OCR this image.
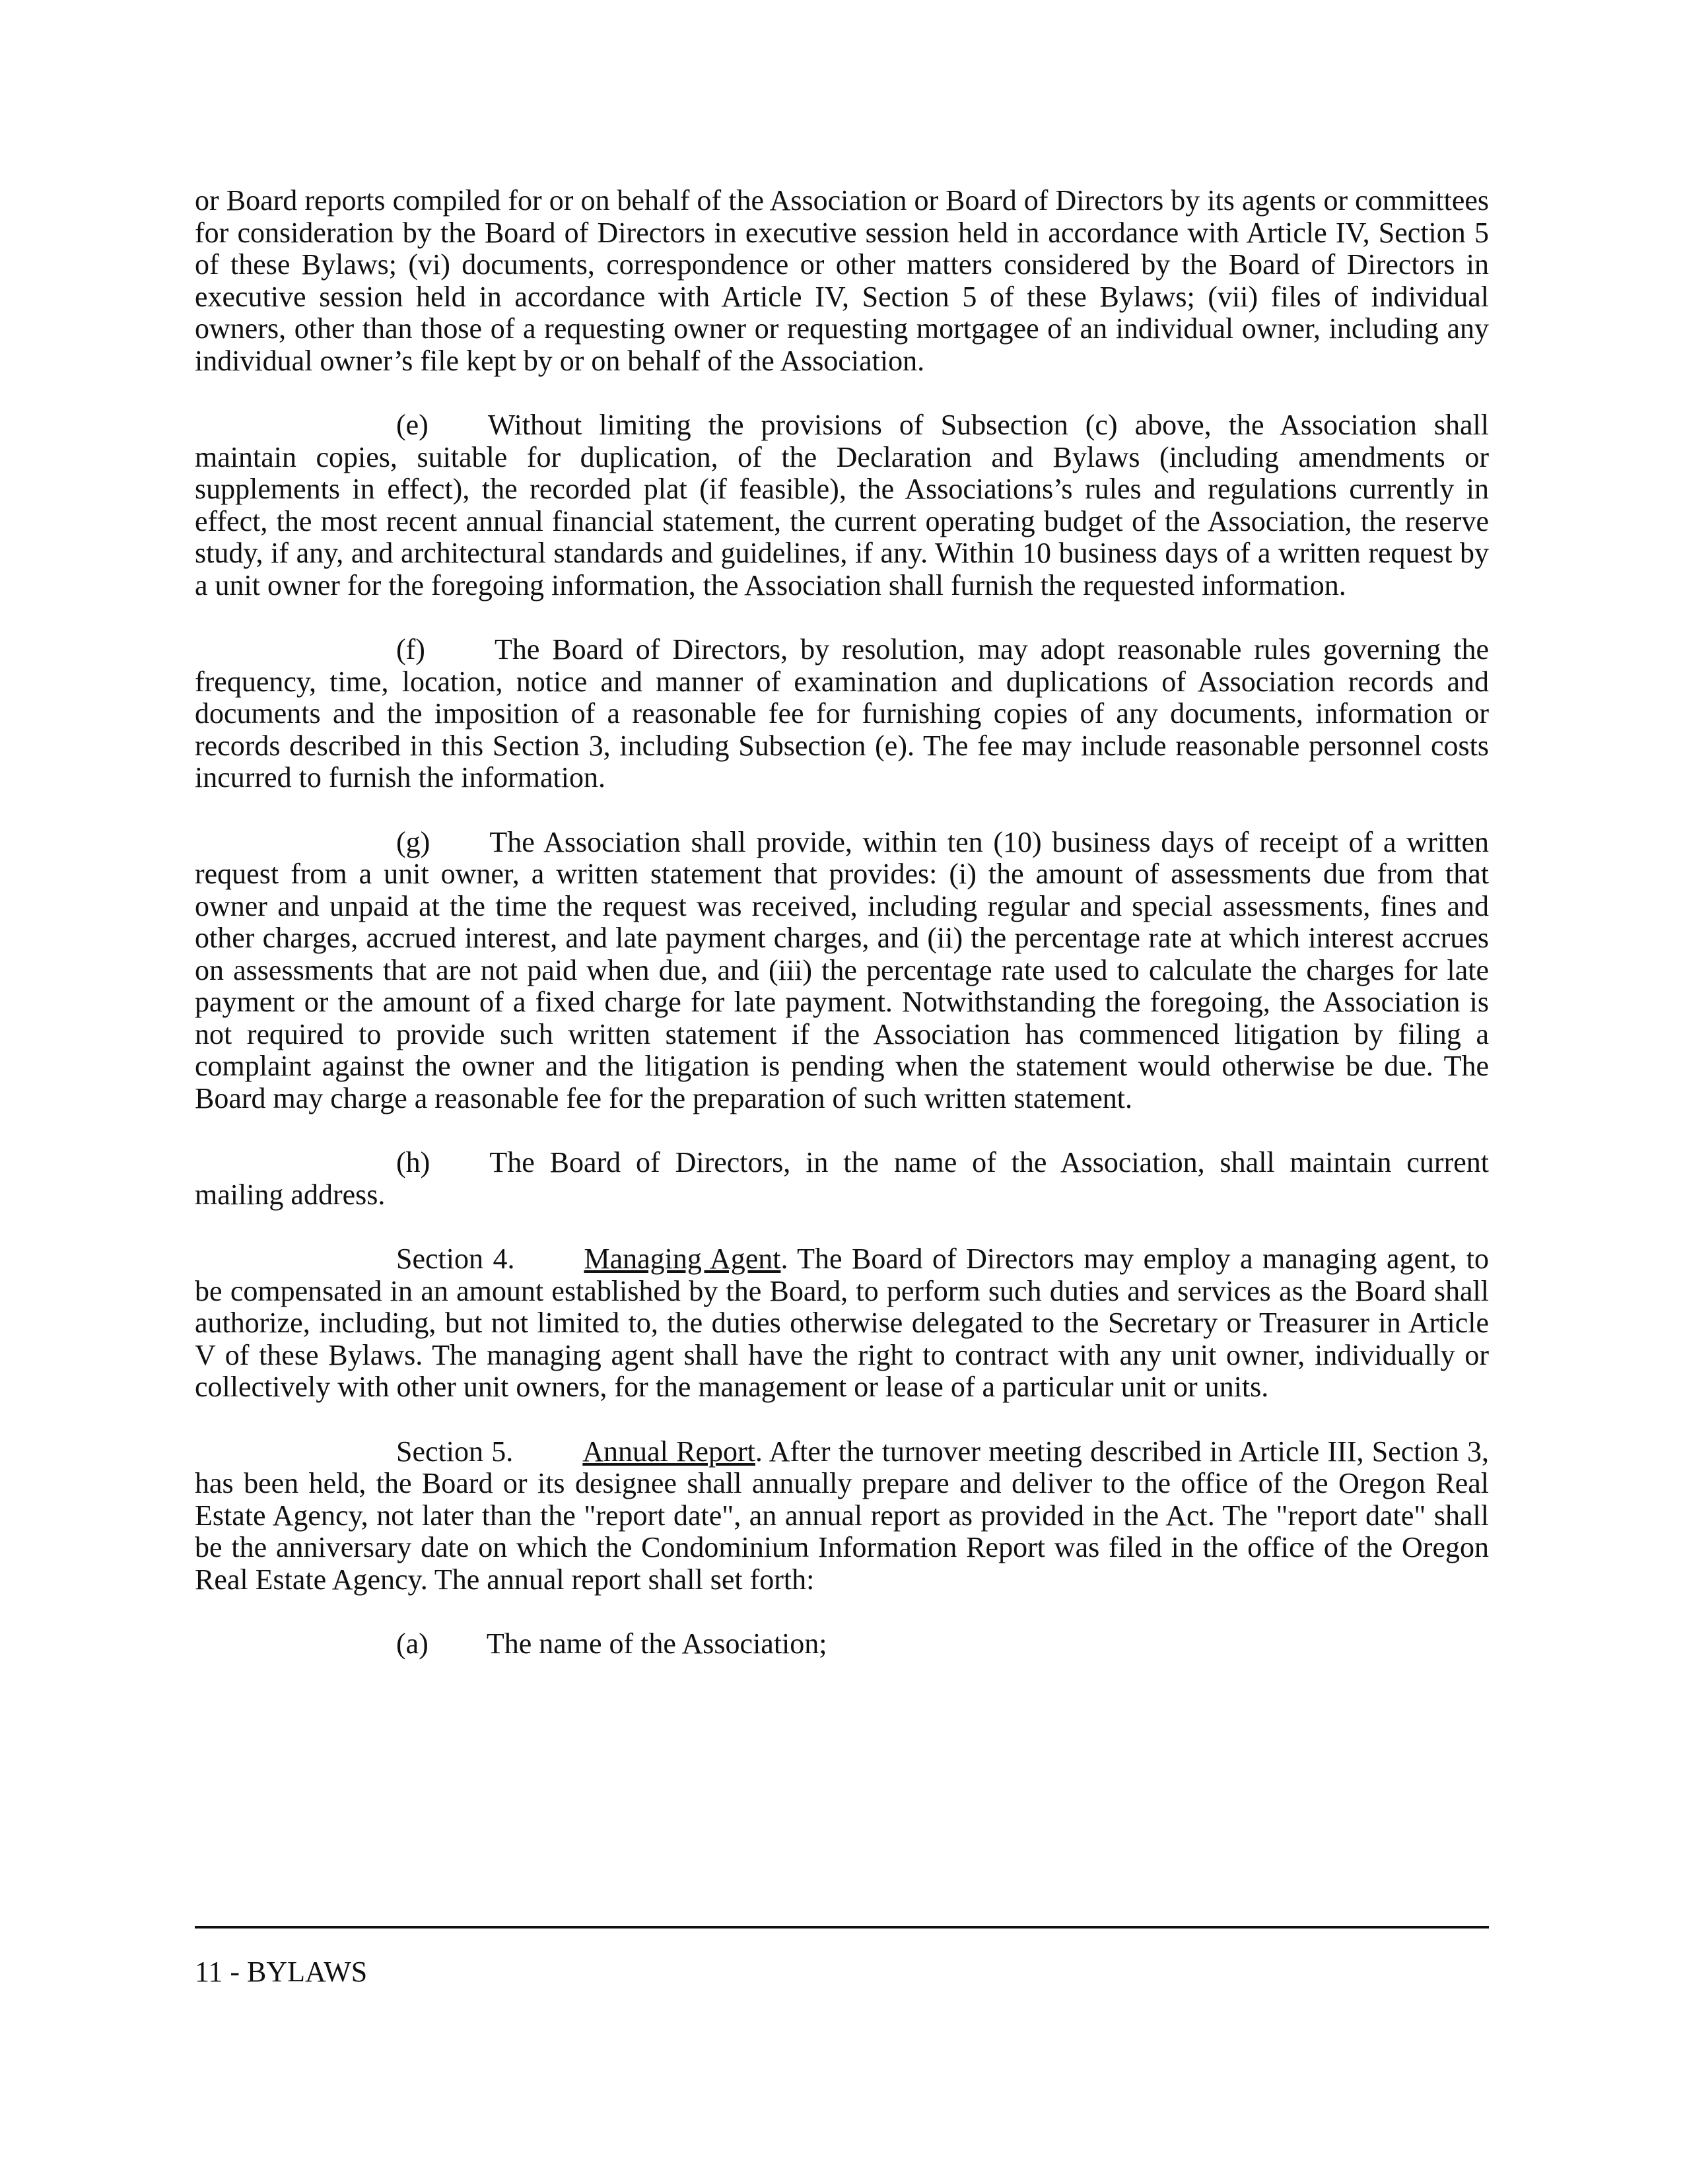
or Board reports compiled for or on behalf of the Association or Board of Directors by its agents or committees for consideration by the Board of Directors in executive session held in accordance with Article IV, Section 5 of these Bylaws; (vi) documents, correspondence or other matters considered by the Board of Directors in executive session held in accordance with Article IV, Section 5 of these Bylaws; (vii) files of individual owners, other than those of a requesting owner or requesting mortgagee of an individual owner, including any individual owner’s file kept by or on behalf of the Association.

(e) Without limiting the provisions of Subsection (c) above, the Association shall maintain copies, suitable for duplication, of the Declaration and Bylaws (including amendments or supplements in effect), the recorded plat (if feasible), the Associations’s rules and regulations currently in effect, the most recent annual financial statement, the current operating budget of the Association, the reserve study, if any, and architectural standards and guidelines, if any. Within 10 business days of a written request by a unit owner for the foregoing information, the Association shall furnish the requested information.

(f) The Board of Directors, by resolution, may adopt reasonable rules governing the frequency, time, location, notice and manner of examination and duplications of Association records and documents and the imposition of a reasonable fee for furnishing copies of any documents, information or records described in this Section 3, including Subsection (e). The fee may include reasonable personnel costs incurred to furnish the information.

(g) The Association shall provide, within ten (10) business days of receipt of a written request from a unit owner, a written statement that provides: (i) the amount of assessments due from that owner and unpaid at the time the request was received, including regular and special assessments, fines and other charges, accrued interest, and late payment charges, and (ii) the percentage rate at which interest accrues on assessments that are not paid when due, and (iii) the percentage rate used to calculate the charges for late payment or the amount of a fixed charge for late payment. Notwithstanding the foregoing, the Association is not required to provide such written statement if the Association has commenced litigation by filing a complaint against the owner and the litigation is pending when the statement would otherwise be due. The Board may charge a reasonable fee for the preparation of such written statement.

(h) The Board of Directors, in the name of the Association, shall maintain current mailing address.

Section 4. Managing Agent. The Board of Directors may employ a managing agent, to be compensated in an amount established by the Board, to perform such duties and services as the Board shall authorize, including, but not limited to, the duties otherwise delegated to the Secretary or Treasurer in Article V of these Bylaws. The managing agent shall have the right to contract with any unit owner, individually or collectively with other unit owners, for the management or lease of a particular unit or units.

Section 5. Annual Report. After the turnover meeting described in Article III, Section 3, has been held, the Board or its designee shall annually prepare and deliver to the office of the Oregon Real Estate Agency, not later than the "report date", an annual report as provided in the Act. The "report date" shall be the anniversary date on which the Condominium Information Report was filed in the office of the Oregon Real Estate Agency. The annual report shall set forth:

(a) The name of the Association;

11 - BYLAWS
